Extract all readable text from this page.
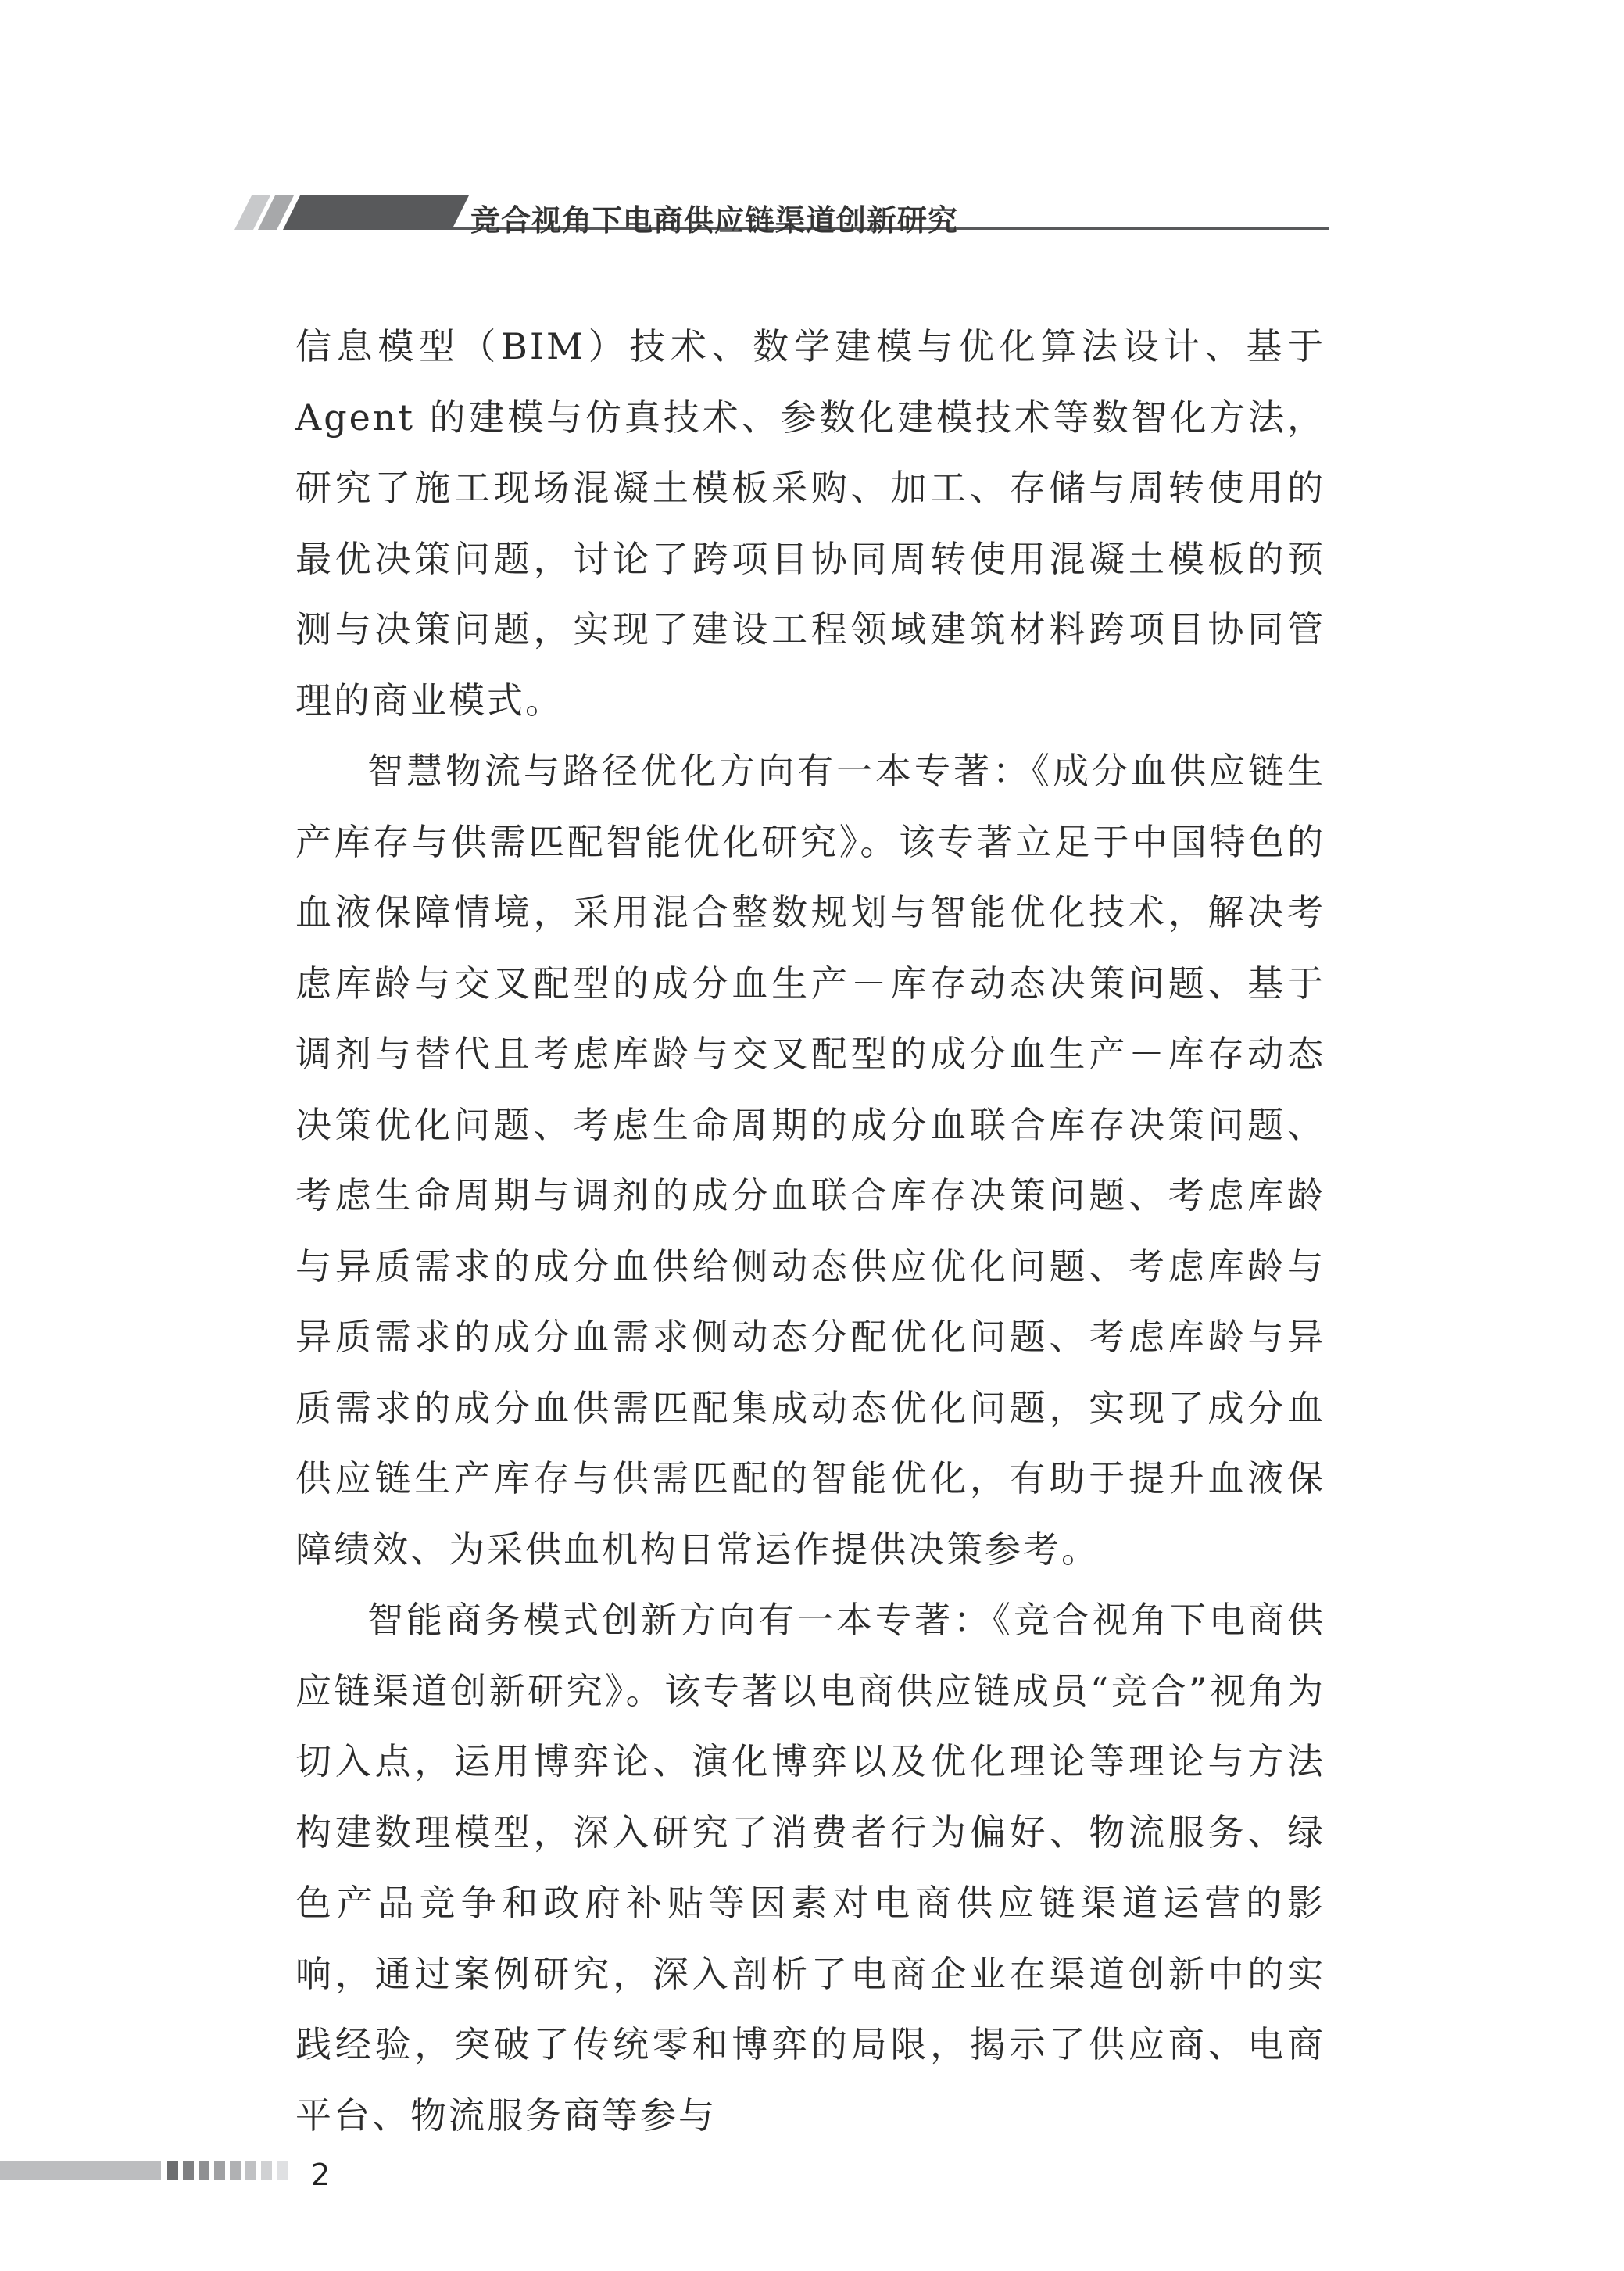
竞合视角下电商供应链渠道创新研究

信息模型（BIM）技术、数学建模与优化算法设计、基于 Agent 的建模与仿真技术、参数化建模技术等数智化方法，研究了施工现场混凝土模板采购、加工、存储与周转使用的最优决策问题，讨论了跨项目协同周转使用混凝土模板的预测与决策问题，实现了建设工程领域建筑材料跨项目协同管理的商业模式。

智慧物流与路径优化方向有一本专著：《成分血供应链生产库存与供需匹配智能优化研究》。该专著立足于中国特色的血液保障情境，采用混合整数规划与智能优化技术，解决考虑库龄与交叉配型的成分血生产－库存动态决策问题、基于调剂与替代且考虑库龄与交叉配型的成分血生产－库存动态决策优化问题、考虑生命周期的成分血联合库存决策问题、考虑生命周期与调剂的成分血联合库存决策问题、考虑库龄与异质需求的成分血供给侧动态供应优化问题、考虑库龄与异质需求的成分血需求侧动态分配优化问题、考虑库龄与异质需求的成分血供需匹配集成动态优化问题，实现了成分血供应链生产库存与供需匹配的智能优化，有助于提升血液保障绩效、为采供血机构日常运作提供决策参考。

智能商务模式创新方向有一本专著：《竞合视角下电商供应链渠道创新研究》。该专著以电商供应链成员“竞合”视角为切入点，运用博弈论、演化博弈以及优化理论等理论与方法构建数理模型，深入研究了消费者行为偏好、物流服务、绿色产品竞争和政府补贴等因素对电商供应链渠道运营的影响，通过案例研究，深入剖析了电商企业在渠道创新中的实践经验，突破了传统零和博弈的局限，揭示了供应商、电商平台、物流服务商等参与

2
